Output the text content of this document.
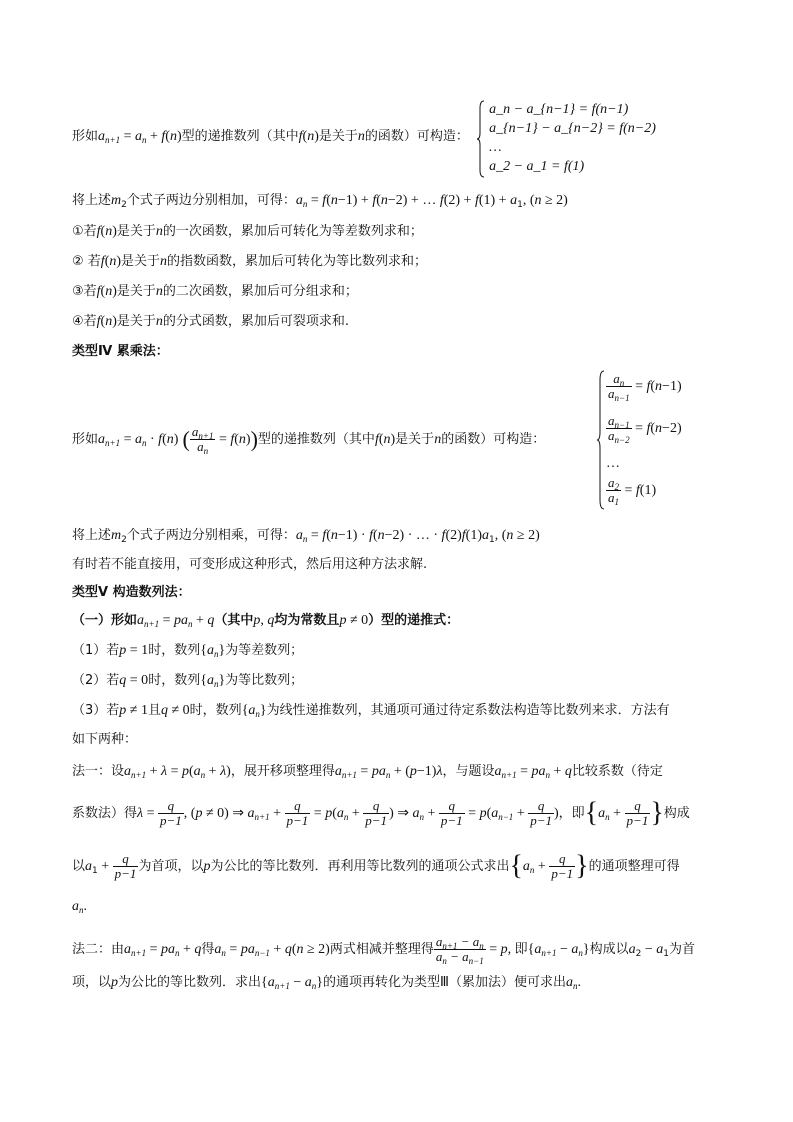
形如$a_{n+1} = a_n + f(n)$型的递推数列（其中f(n)是关于n的函数）可构造：
a_n − a_{n−1} = f(n−1)
a_{n−1} − a_{n−2} = f(n−2)
…
a_2 − a_1 = f(1)
将上述$m_2$个式子两边分别相加，可得：$a_n = f(n-1) + f(n-2)$ + … $f(2) + f(1) + a_1$, (n ≥ 2)
①若f(n)是关于n的一次函数，累加后可转化为等差数列求和；
② 若f(n)是关于n的指数函数，累加后可转化为等比数列求和；
③若f(n)是关于n的二次函数，累加后可分组求和；
④若f(n)是关于n的分式函数，累加后可裂项求和.
类型Ⅳ 累乘法：
形如$a_{n+1} = a_n \cdot f(n)$ ( $\frac{a_{n+1}}{a_n} = f(n)$)型的递推数列（其中f(n)是关于n的函数）可构造：
$\frac{a_n}{a_{n-1}} = f(n-1)$
$\frac{a_{n-1}}{a_{n-2}} = f(n-2)$
…
$\frac{a_2}{a_1} = f(1)$
将上述$m_2$个式子两边分别相乘，可得：$a_n = f(n-1) \cdot f(n-2)$ · … · $f(2)f(1)a_1$, (n ≥ 2)
有时若不能直接用，可变形成这种形式，然后用这种方法求解.
类型Ⅴ 构造数列法：
（一）形如$a_{n+1} = pa_n + q$（其中p, q均为常数且p ≠ 0）型的递推式：
（1）若p = 1时，数列$\{a_n\}$为等差数列；
（2）若q = 0时，数列$\{a_n\}$为等比数列；
（3）若p ≠ 1且q ≠ 0时，数列$\{a_n\}$为线性递推数列，其通项可通过待定系数法构造等比数列来求．方法有
如下两种：
法一：设$a_{n+1} + \lambda = p(a_n + \lambda)$，展开移项整理得$a_{n+1} = pa_n + (p-1)\lambda$，与题设$a_{n+1} = pa_n + q$比较系数（待定
系数法）得$\lambda = \frac{q}{p-1}$ , (p ≠ 0) ⇒ $a_{n+1} + \frac{q}{p-1} = p(a_n + \frac{q}{p-1}$ ) ⇒ $a_n + \frac{q}{p-1} = p(a_{n-1} + \frac{q}{p-1}$ )，即{$a_n + \frac{q}{p-1}$ }构成
以$a_1 + \frac{q}{p-1}$ 为首项，以p为公比的等比数列．再利用等比数列的通项公式求出{$a_n + \frac{q}{p-1}$ }的通项整理可得
$a_n$.
法二：由$a_{n+1} = pa_n + q$得$a_n = pa_{n-1} + q(n \ge 2)$两式相减并整理得 $\frac{a_{n+1} - a_n}{a_n - a_{n-1}} = p$, 即$\{a_{n+1} - a_n\}$构成以$a_2 - a_1$为首
项，以p为公比的等比数列．求出$\{a_{n+1} - a_n\}$的通项再转化为类型Ⅲ（累加法）便可求出$a_n$.
